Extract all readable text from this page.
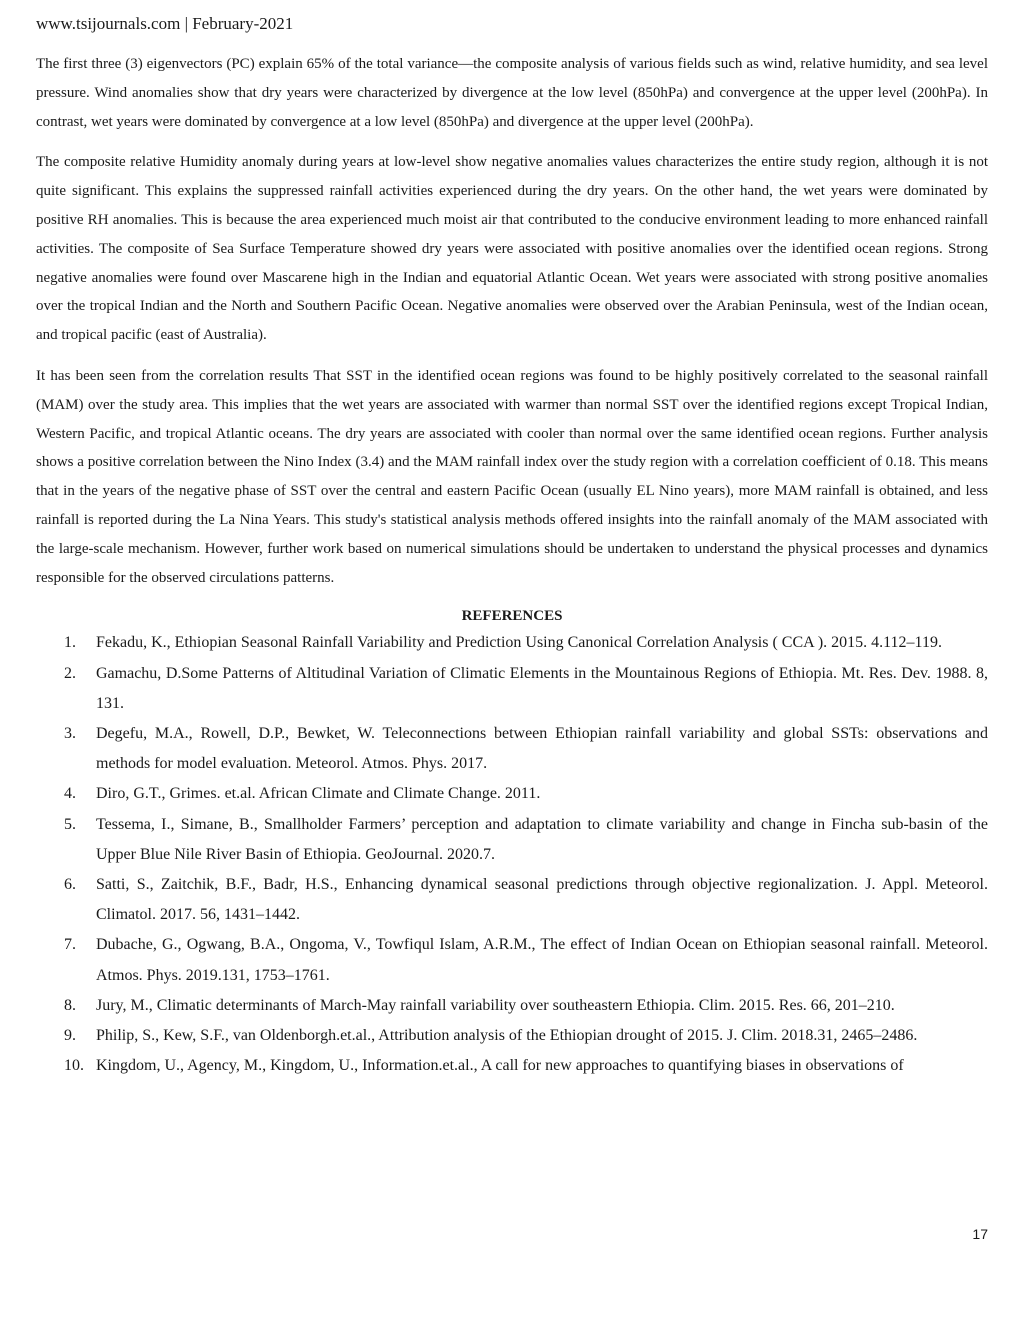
www.tsijournals.com | February-2021

The first three (3) eigenvectors (PC) explain 65% of the total variance—the composite analysis of various fields such as wind, relative humidity, and sea level pressure. Wind anomalies show that dry years were characterized by divergence at the low level (850hPa) and convergence at the upper level (200hPa). In contrast, wet years were dominated by convergence at a low level (850hPa) and divergence at the upper level (200hPa).

The composite relative Humidity anomaly during years at low-level show negative anomalies values characterizes the entire study region, although it is not quite significant. This explains the suppressed rainfall activities experienced during the dry years. On the other hand, the wet years were dominated by positive RH anomalies. This is because the area experienced much moist air that contributed to the conducive environment leading to more enhanced rainfall activities. The composite of Sea Surface Temperature showed dry years were associated with positive anomalies over the identified ocean regions. Strong negative anomalies were found over Mascarene high in the Indian and equatorial Atlantic Ocean. Wet years were associated with strong positive anomalies over the tropical Indian and the North and Southern Pacific Ocean. Negative anomalies were observed over the Arabian Peninsula, west of the Indian ocean, and tropical pacific (east of Australia).

It has been seen from the correlation results That SST in the identified ocean regions was found to be highly positively correlated to the seasonal rainfall (MAM) over the study area. This implies that the wet years are associated with warmer than normal SST over the identified regions except Tropical Indian, Western Pacific, and tropical Atlantic oceans. The dry years are associated with cooler than normal over the same identified ocean regions. Further analysis shows a positive correlation between the Nino Index (3.4) and the MAM rainfall index over the study region with a correlation coefficient of 0.18. This means that in the years of the negative phase of SST over the central and eastern Pacific Ocean (usually EL Nino years), more MAM rainfall is obtained, and less rainfall is reported during the La Nina Years. This study's statistical analysis methods offered insights into the rainfall anomaly of the MAM associated with the large-scale mechanism. However, further work based on numerical simulations should be undertaken to understand the physical processes and dynamics responsible for the observed circulations patterns.

REFERENCES
1.	Fekadu, K., Ethiopian Seasonal Rainfall Variability and Prediction Using Canonical Correlation Analysis ( CCA ). 2015. 4.112–119.
2.	Gamachu, D.Some Patterns of Altitudinal Variation of Climatic Elements in the Mountainous Regions of Ethiopia. Mt. Res. Dev. 1988. 8, 131.
3.	Degefu, M.A., Rowell, D.P., Bewket, W. Teleconnections between Ethiopian rainfall variability and global SSTs: observations and methods for model evaluation. Meteorol. Atmos. Phys. 2017.
4.	Diro, G.T., Grimes. et.al. African Climate and Climate Change. 2011.
5.	Tessema, I., Simane, B., Smallholder Farmers’ perception and adaptation to climate variability and change in Fincha sub-basin of the Upper Blue Nile River Basin of Ethiopia. GeoJournal. 2020.7.
6.	Satti, S., Zaitchik, B.F., Badr, H.S., Enhancing dynamical seasonal predictions through objective regionalization. J. Appl. Meteorol. Climatol. 2017. 56, 1431–1442.
7.	Dubache, G., Ogwang, B.A., Ongoma, V., Towfiqul Islam, A.R.M., The effect of Indian Ocean on Ethiopian seasonal rainfall. Meteorol. Atmos. Phys. 2019.131, 1753–1761.
8.	Jury, M., Climatic determinants of March-May rainfall variability over southeastern Ethiopia. Clim. 2015. Res. 66, 201–210.
9.	Philip, S., Kew, S.F., van Oldenborgh.et.al., Attribution analysis of the Ethiopian drought of 2015. J. Clim. 2018.31, 2465–2486.
10. Kingdom, U., Agency, M., Kingdom, U., Information.et.al., A call for new approaches to quantifying biases in observations of
17
